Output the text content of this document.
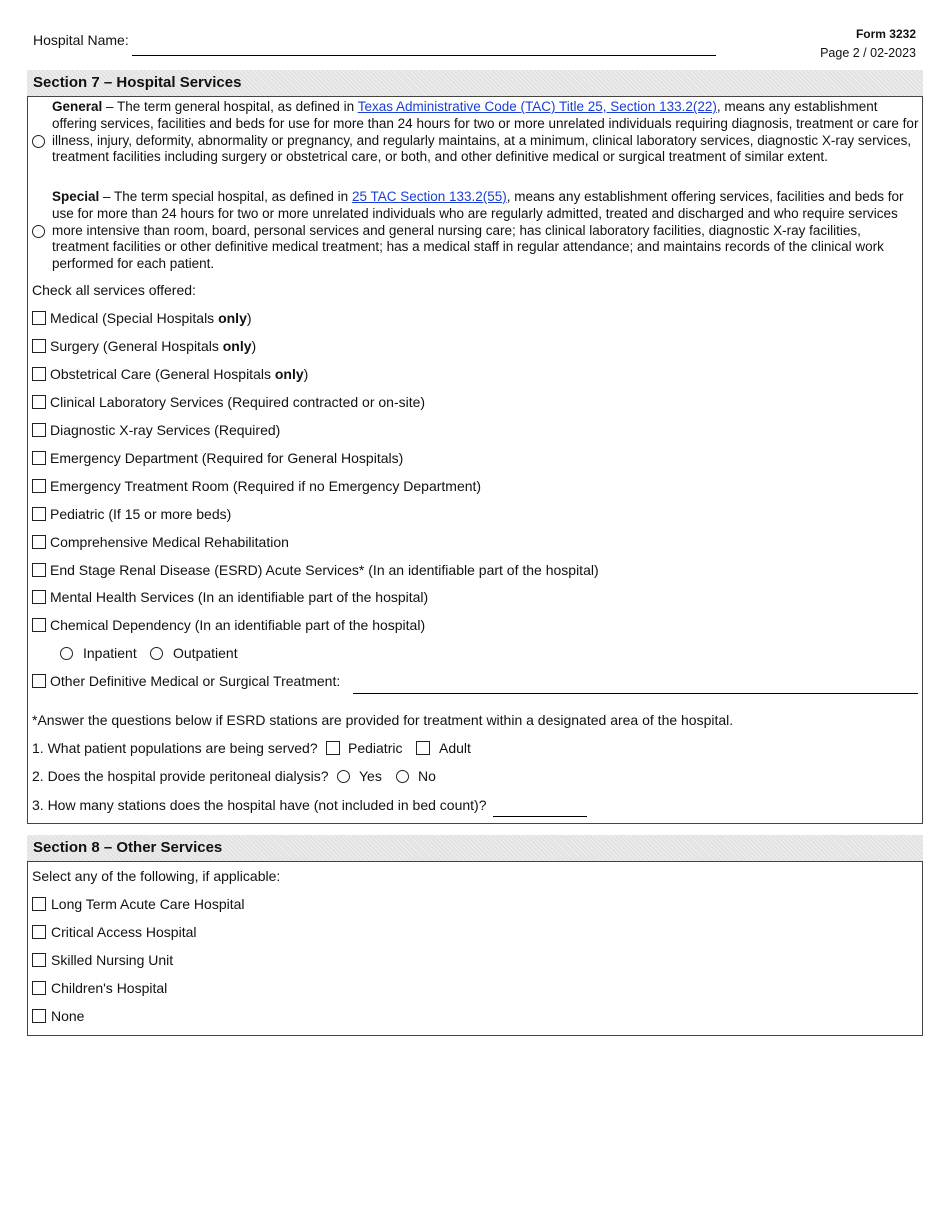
Hospital Name:	Form 3232
Page 2 / 02-2023
Section 7 – Hospital Services
General – The term general hospital, as defined in Texas Administrative Code (TAC) Title 25, Section 133.2(22), means any establishment offering services, facilities and beds for use for more than 24 hours for two or more unrelated individuals requiring diagnosis, treatment or care for illness, injury, deformity, abnormality or pregnancy, and regularly maintains, at a minimum, clinical laboratory services, diagnostic X-ray services, treatment facilities including surgery or obstetrical care, or both, and other definitive medical or surgical treatment of similar extent.
Special – The term special hospital, as defined in 25 TAC Section 133.2(55), means any establishment offering services, facilities and beds for use for more than 24 hours for two or more unrelated individuals who are regularly admitted, treated and discharged and who require services more intensive than room, board, personal services and general nursing care; has clinical laboratory facilities, diagnostic X-ray facilities, treatment facilities or other definitive medical treatment; has a medical staff in regular attendance; and maintains records of the clinical work performed for each patient.
Check all services offered:
Medical (Special Hospitals only)
Surgery (General Hospitals only)
Obstetrical Care (General Hospitals only)
Clinical Laboratory Services (Required contracted or on-site)
Diagnostic X-ray Services (Required)
Emergency Department (Required for General Hospitals)
Emergency Treatment Room (Required if no Emergency Department)
Pediatric (If 15 or more beds)
Comprehensive Medical Rehabilitation
End Stage Renal Disease (ESRD) Acute Services* (In an identifiable part of the hospital)
Mental Health Services (In an identifiable part of the hospital)
Chemical Dependency (In an identifiable part of the hospital)
Inpatient	Outpatient
Other Definitive Medical or Surgical Treatment:
*Answer the questions below if ESRD stations are provided for treatment within a designated area of the hospital.
1. What patient populations are being served? Pediatric	Adult
2. Does the hospital provide peritoneal dialysis? Yes	No
3. How many stations does the hospital have (not included in bed count)?
Section 8 – Other Services
Select any of the following, if applicable:
Long Term Acute Care Hospital
Critical Access Hospital
Skilled Nursing Unit
Children's Hospital
None
